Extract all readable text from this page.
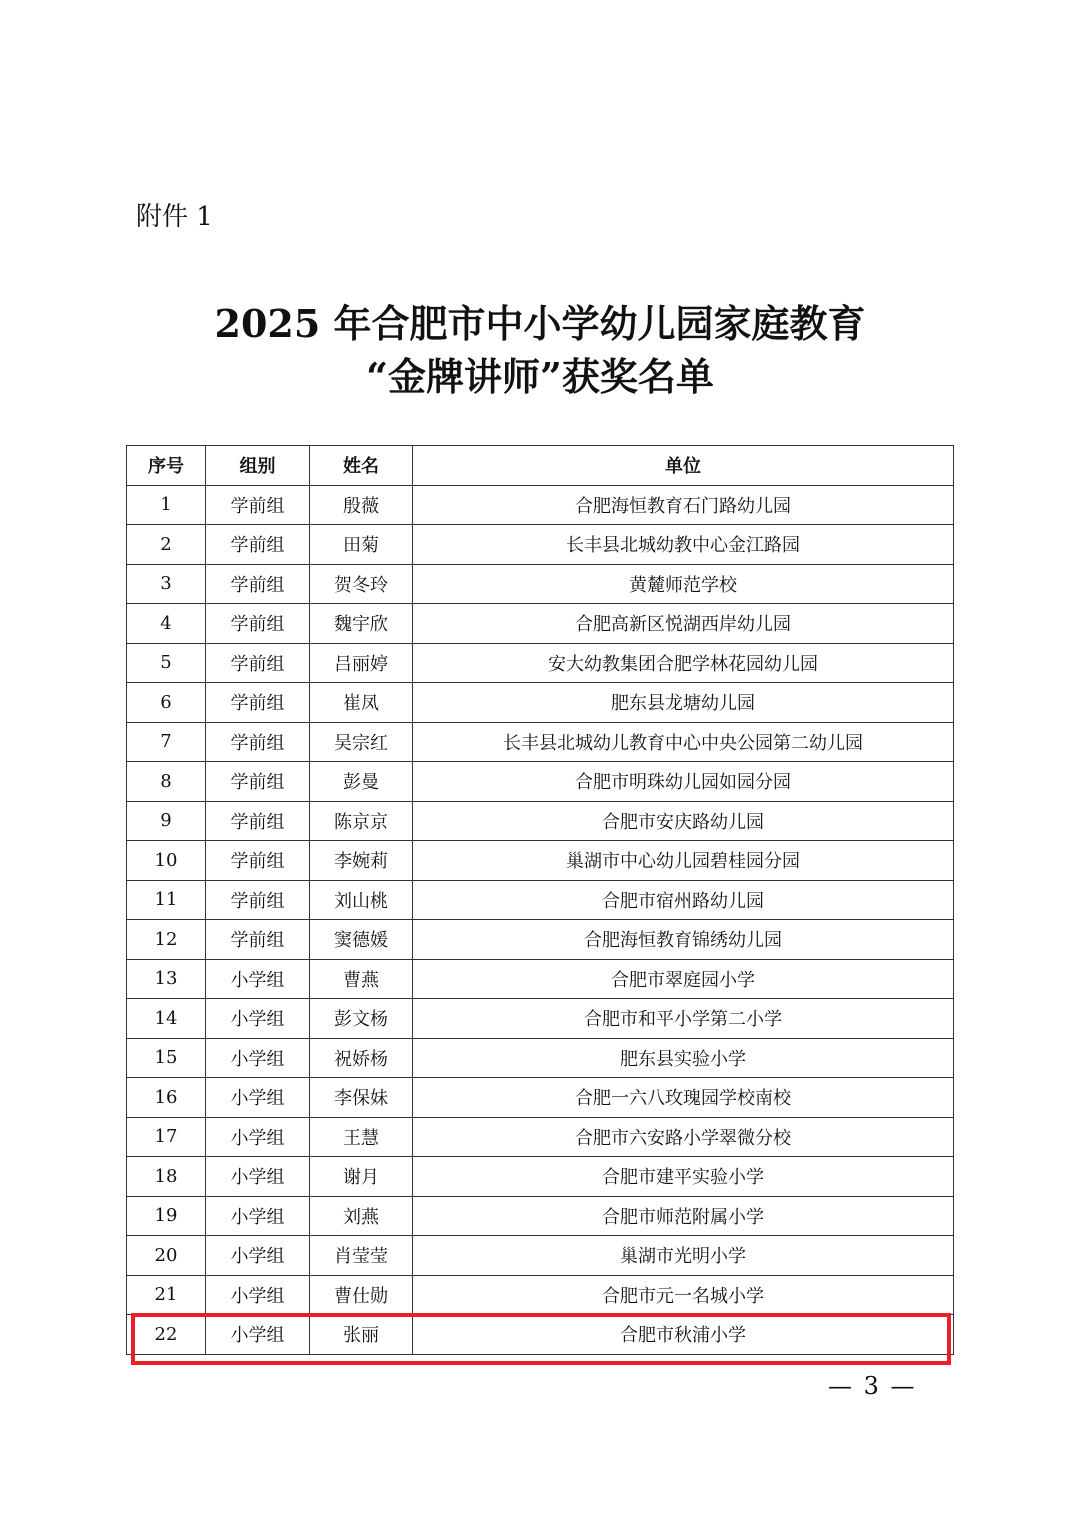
附件 1
2025 年合肥市中小学幼儿园家庭教育
“金牌讲师”获奖名单
序号	组别	姓名	单位
1	学前组	殷薇	合肥海恒教育石门路幼儿园
2	学前组	田菊	长丰县北城幼教中心金江路园
3	学前组	贺冬玲	黄麓师范学校
4	学前组	魏宇欣	合肥高新区悦湖西岸幼儿园
5	学前组	吕丽婷	安大幼教集团合肥学林花园幼儿园
6	学前组	崔凤	肥东县龙塘幼儿园
7	学前组	吴宗红	长丰县北城幼儿教育中心中央公园第二幼儿园
8	学前组	彭曼	合肥市明珠幼儿园如园分园
9	学前组	陈京京	合肥市安庆路幼儿园
10	学前组	李婉莉	巢湖市中心幼儿园碧桂园分园
11	学前组	刘山桃	合肥市宿州路幼儿园
12	学前组	窦德媛	合肥海恒教育锦绣幼儿园
13	小学组	曹燕	合肥市翠庭园小学
14	小学组	彭文杨	合肥市和平小学第二小学
15	小学组	祝娇杨	肥东县实验小学
16	小学组	李保妹	合肥一六八玫瑰园学校南校
17	小学组	王慧	合肥市六安路小学翠微分校
18	小学组	谢月	合肥市建平实验小学
19	小学组	刘燕	合肥市师范附属小学
20	小学组	肖莹莹	巢湖市光明小学
21	小学组	曹仕勋	合肥市元一名城小学
22	小学组	张丽	合肥市秋浦小学
— 3 —
